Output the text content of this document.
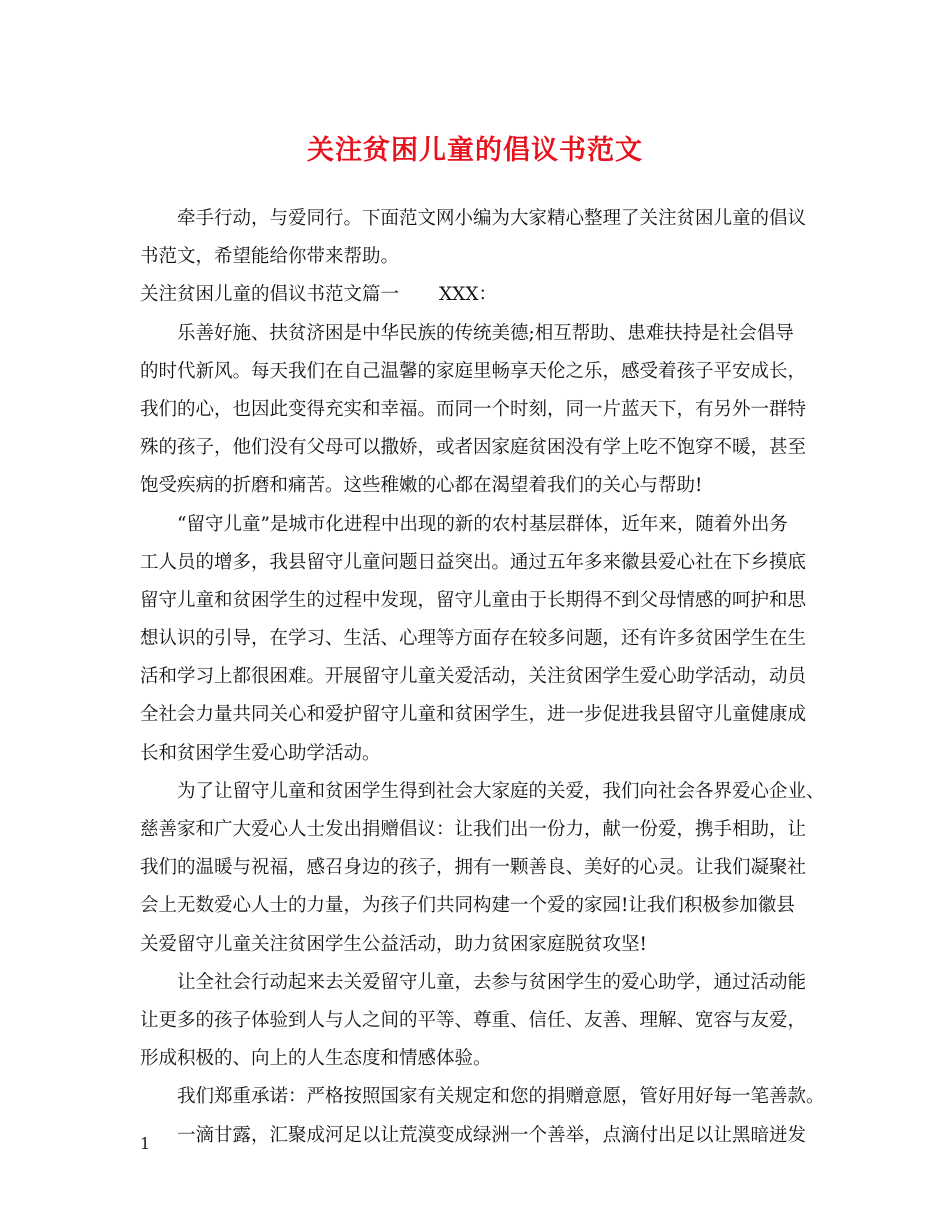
关注贫困儿童的倡议书范文
牵手行动，与爱同行。下面范文网小编为大家精心整理了关注贫困儿童的倡议
书范文，希望能给你带来帮助。
关注贫困儿童的倡议书范文篇一 XXX：
乐善好施、扶贫济困是中华民族的传统美德;相互帮助、患难扶持是社会倡导
的时代新风。每天我们在自己温馨的家庭里畅享天伦之乐，感受着孩子平安成长，
我们的心，也因此变得充实和幸福。而同一个时刻，同一片蓝天下，有另外一群特
殊的孩子，他们没有父母可以撒娇，或者因家庭贫困没有学上吃不饱穿不暖，甚至
饱受疾病的折磨和痛苦。这些稚嫩的心都在渴望着我们的关心与帮助!
“留守儿童”是城市化进程中出现的新的农村基层群体，近年来，随着外出务
工人员的增多，我县留守儿童问题日益突出。通过五年多来徽县爱心社在下乡摸底
留守儿童和贫困学生的过程中发现，留守儿童由于长期得不到父母情感的呵护和思
想认识的引导，在学习、生活、心理等方面存在较多问题，还有许多贫困学生在生
活和学习上都很困难。开展留守儿童关爱活动，关注贫困学生爱心助学活动，动员
全社会力量共同关心和爱护留守儿童和贫困学生，进一步促进我县留守儿童健康成
长和贫困学生爱心助学活动。
为了让留守儿童和贫困学生得到社会大家庭的关爱，我们向社会各界爱心企业、
慈善家和广大爱心人士发出捐赠倡议：让我们出一份力，献一份爱，携手相助，让
我们的温暖与祝福，感召身边的孩子，拥有一颗善良、美好的心灵。让我们凝聚社
会上无数爱心人士的力量，为孩子们共同构建一个爱的家园!让我们积极参加徽县
关爱留守儿童关注贫困学生公益活动，助力贫困家庭脱贫攻坚!
让全社会行动起来去关爱留守儿童，去参与贫困学生的爱心助学，通过活动能
让更多的孩子体验到人与人之间的平等、尊重、信任、友善、理解、宽容与友爱，
形成积极的、向上的人生态度和情感体验。
我们郑重承诺：严格按照国家有关规定和您的捐赠意愿，管好用好每一笔善款。
一滴甘露，汇聚成河足以让荒漠变成绿洲一个善举，点滴付出足以让黑暗迸发
1
